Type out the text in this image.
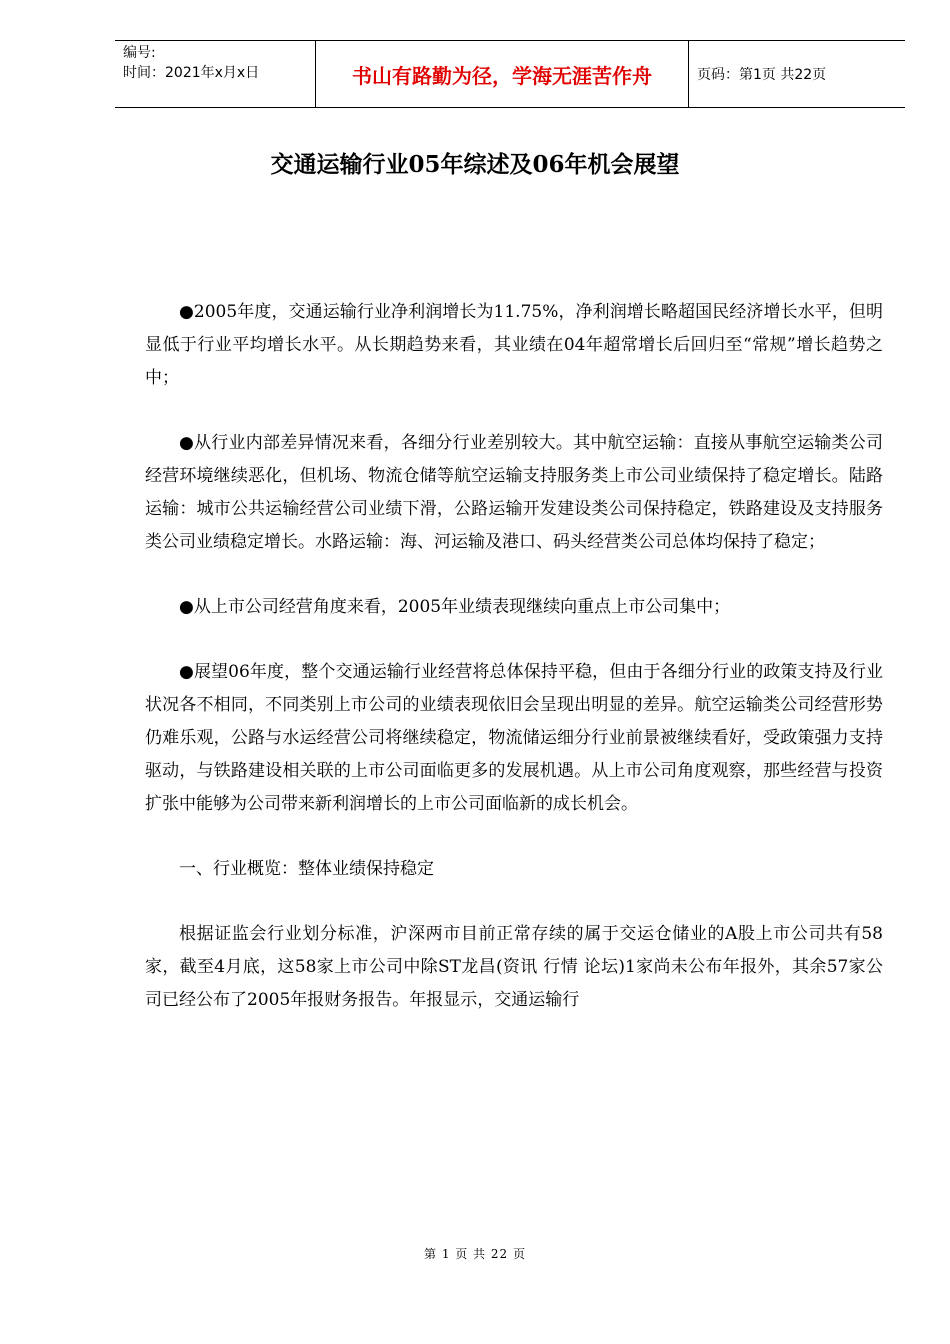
编号:
时间：2021年x月x日	书山有路勤为径，学海无涯苦作舟	页码：第1页 共22页
交通运输行业05年综述及06年机会展望

●2005年度，交通运输行业净利润增长为11.75%，净利润增长略超国民经济增长水平，但明显低于行业平均增长水平。从长期趋势来看，其业绩在04年超常增长后回归至“常规”增长趋势之中；

●从行业内部差异情况来看，各细分行业差别较大。其中航空运输：直接从事航空运输类公司经营环境继续恶化，但机场、物流仓储等航空运输支持服务类上市公司业绩保持了稳定增长。陆路运输：城市公共运输经营公司业绩下滑，公路运输开发建设类公司保持稳定，铁路建设及支持服务类公司业绩稳定增长。水路运输：海、河运输及港口、码头经营类公司总体均保持了稳定；

●从上市公司经营角度来看，2005年业绩表现继续向重点上市公司集中；

●展望06年度，整个交通运输行业经营将总体保持平稳，但由于各细分行业的政策支持及行业状况各不相同，不同类别上市公司的业绩表现依旧会呈现出明显的差异。航空运输类公司经营形势仍难乐观，公路与水运经营公司将继续稳定，物流储运细分行业前景被继续看好，受政策强力支持驱动，与铁路建设相关联的上市公司面临更多的发展机遇。从上市公司角度观察，那些经营与投资扩张中能够为公司带来新利润增长的上市公司面临新的成长机会。

一、行业概览：整体业绩保持稳定

根据证监会行业划分标准，沪深两市目前正常存续的属于交运仓储业的A股上市公司共有58家，截至4月底，这58家上市公司中除ST龙昌(资讯 行情 论坛)1家尚未公布年报外，其余57家公司已经公布了2005年报财务报告。年报显示，交通运输行

第 1 页 共 22 页
